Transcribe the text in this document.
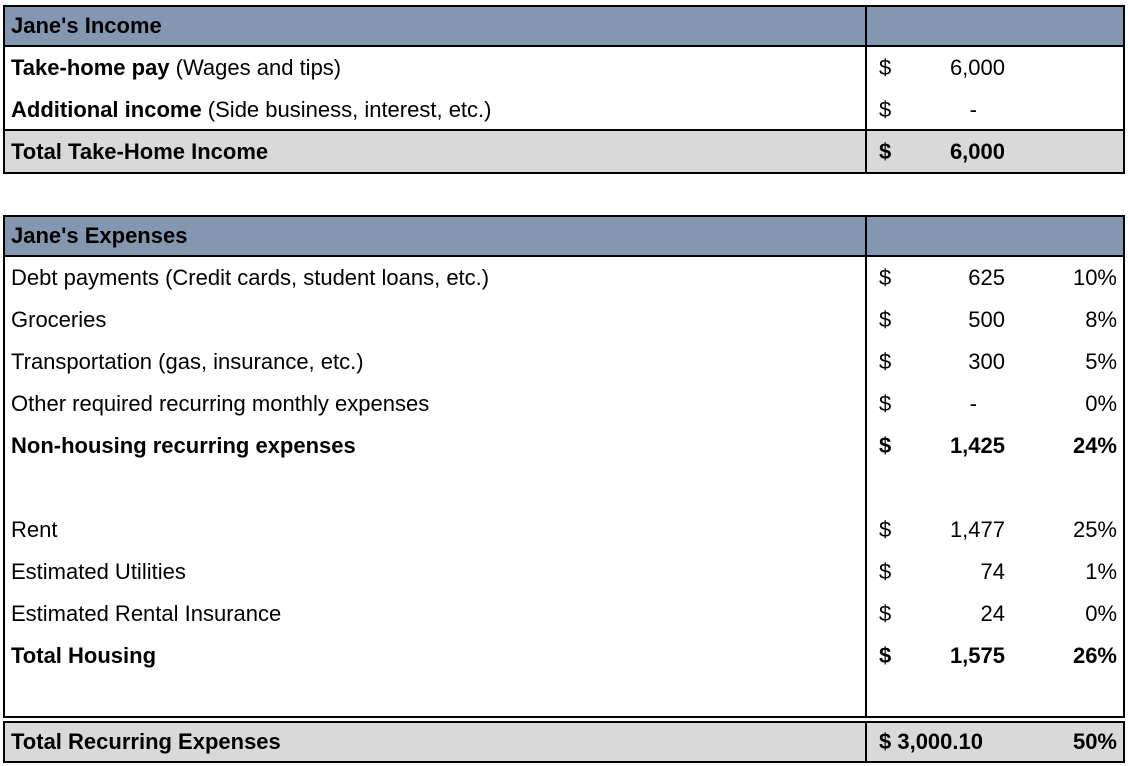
Jane's Income
Take-home pay (Wages and tips)	$	6,000
Additional income (Side business, interest, etc.)	$	-
Total Take-Home Income	$	6,000
Jane's Expenses
Debt payments (Credit cards, student loans, etc.)	$	625	10%
Groceries	$	500	8%
Transportation (gas, insurance, etc.)	$	300	5%
Other required recurring monthly expenses	$	-	0%
Non-housing recurring expenses	$	1,425	24%
Rent	$	1,477	25%
Estimated Utilities	$	74	1%
Estimated Rental Insurance	$	24	0%
Total Housing	$	1,575	26%
Total Recurring Expenses	$ 3,000.10	50%
